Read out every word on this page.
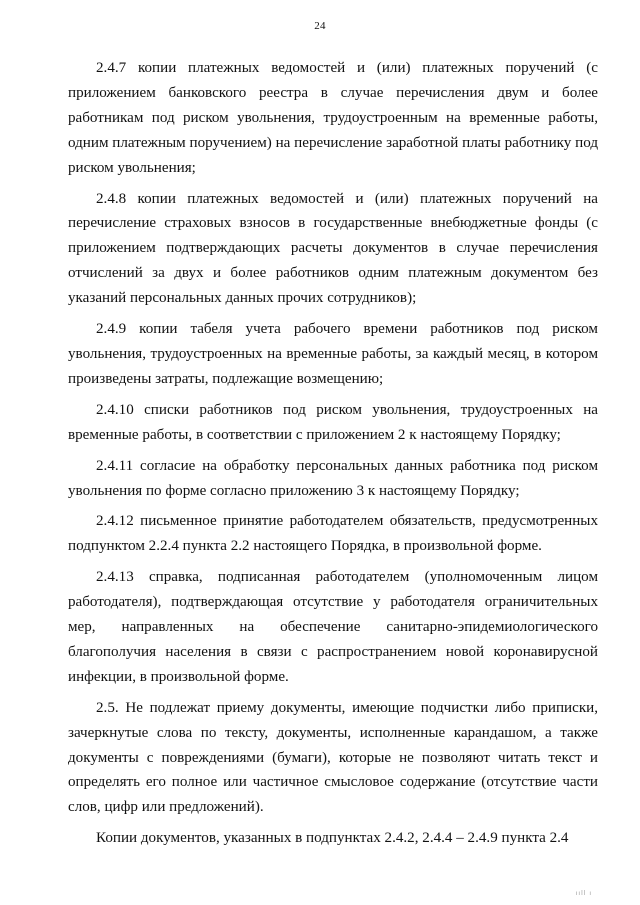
24

2.4.7 копии платежных ведомостей и (или) платежных поручений (с приложением банковского реестра в случае перечисления двум и более работникам под риском увольнения, трудоустроенным на временные работы, одним платежным поручением) на перечисление заработной платы работнику под риском увольнения;

2.4.8 копии платежных ведомостей и (или) платежных поручений на перечисление страховых взносов в государственные внебюджетные фонды (с приложением подтверждающих расчеты документов в случае перечисления отчислений за двух и более работников одним платежным документом без указаний персональных данных прочих сотрудников);

2.4.9 копии табеля учета рабочего времени работников под риском увольнения, трудоустроенных на временные работы, за каждый месяц, в котором произведены затраты, подлежащие возмещению;

2.4.10 списки работников под риском увольнения, трудоустроенных на временные работы, в соответствии с приложением 2 к настоящему Порядку;

2.4.11 согласие на обработку персональных данных работника под риском увольнения по форме согласно приложению 3 к настоящему Порядку;

2.4.12 письменное принятие работодателем обязательств, предусмотренных подпунктом 2.2.4 пункта 2.2 настоящего Порядка, в произвольной форме.

2.4.13 справка, подписанная работодателем (уполномоченным лицом работодателя), подтверждающая отсутствие у работодателя ограничительных мер, направленных на обеспечение санитарно-эпидемиологического благополучия населения в связи с распространением новой коронавирусной инфекции, в произвольной форме.

2.5. Не подлежат приему документы, имеющие подчистки либо приписки, зачеркнутые слова по тексту, документы, исполненные карандашом, а также документы с повреждениями (бумаги), которые не позволяют читать текст и определять его полное или частичное смысловое содержание (отсутствие части слов, цифр или предложений).

Копии документов, указанных в подпунктах 2.4.2, 2.4.4 – 2.4.9 пункта 2.4

ııll ı
